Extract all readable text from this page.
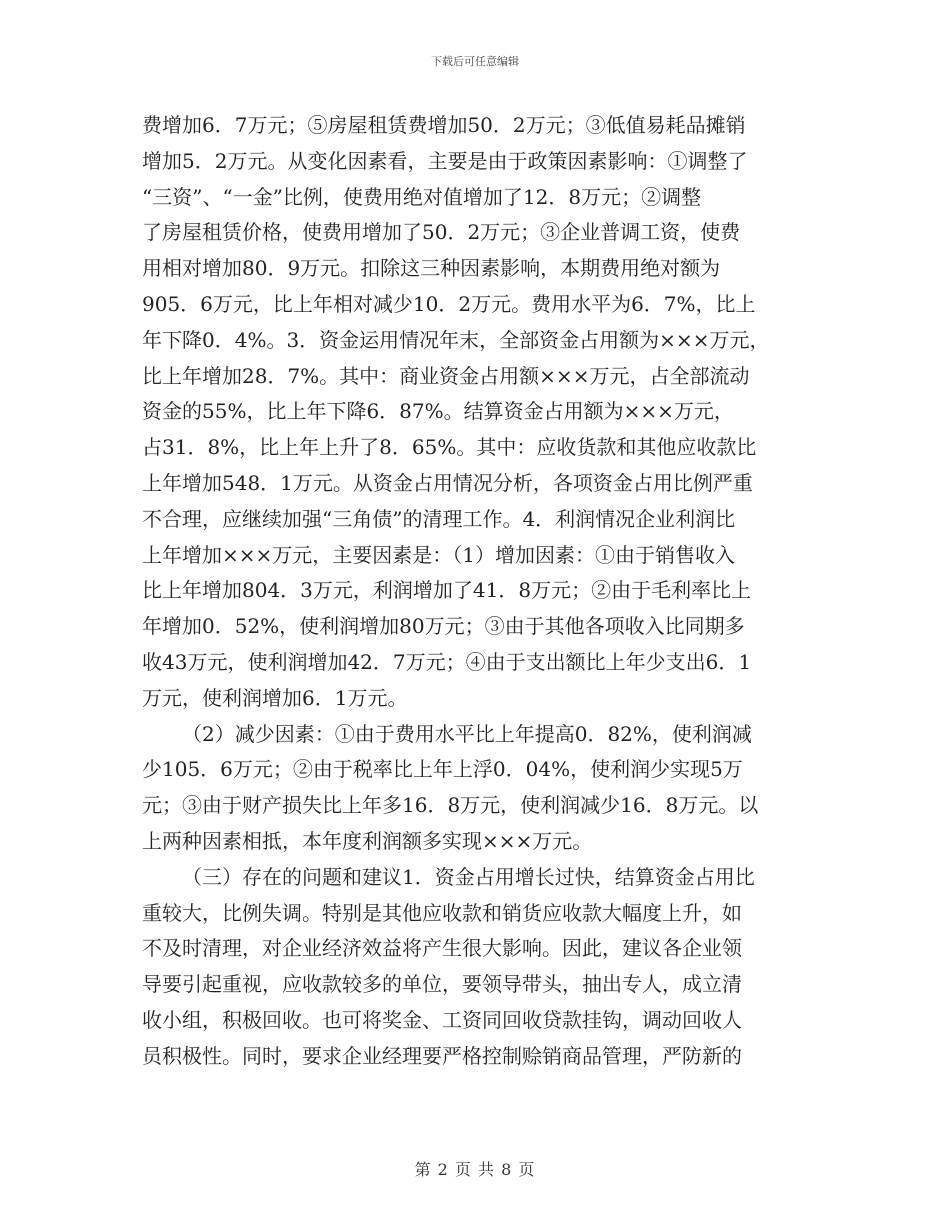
下载后可任意编辑
费增加6．7万元；⑤房屋租赁费增加50．2万元；③低值易耗品摊销
增加5．2万元。从变化因素看，主要是由于政策因素影响：①调整了
“三资”、“一金”比例，使费用绝对值增加了12．8万元；②调整
了房屋租赁价格，使费用增加了50．2万元；③企业普调工资，使费
用相对增加80．9万元。扣除这三种因素影响，本期费用绝对额为
905．6万元，比上年相对减少10．2万元。费用水平为6．7%，比上
年下降0．4%。3．资金运用情况年末，全部资金占用额为×××万元，
比上年增加28．7%。其中：商业资金占用额×××万元，占全部流动
资金的55%，比上年下降6．87%。结算资金占用额为×××万元，
占31．8%，比上年上升了8．65%。其中：应收货款和其他应收款比
上年增加548．1万元。从资金占用情况分析，各项资金占用比例严重
不合理，应继续加强“三角债”的清理工作。4．利润情况企业利润比
上年增加×××万元，主要因素是：（1）增加因素：①由于销售收入
比上年增加804．3万元，利润增加了41．8万元；②由于毛利率比上
年增加0．52%，使利润增加80万元；③由于其他各项收入比同期多
收43万元，使利润增加42．7万元；④由于支出额比上年少支出6．1
万元，使利润增加6．1万元。
（2）减少因素：①由于费用水平比上年提高0．82%，使利润减
少105．6万元；②由于税率比上年上浮0．04%，使利润少实现5万
元；③由于财产损失比上年多16．8万元，使利润减少16．8万元。以
上两种因素相抵，本年度利润额多实现×××万元。
（三）存在的问题和建议1．资金占用增长过快，结算资金占用比
重较大，比例失调。特别是其他应收款和销货应收款大幅度上升，如
不及时清理，对企业经济效益将产生很大影响。因此，建议各企业领
导要引起重视，应收款较多的单位，要领导带头，抽出专人，成立清
收小组，积极回收。也可将奖金、工资同回收贷款挂钩，调动回收人
员积极性。同时，要求企业经理要严格控制赊销商品管理，严防新的
第 2 页 共 8 页
